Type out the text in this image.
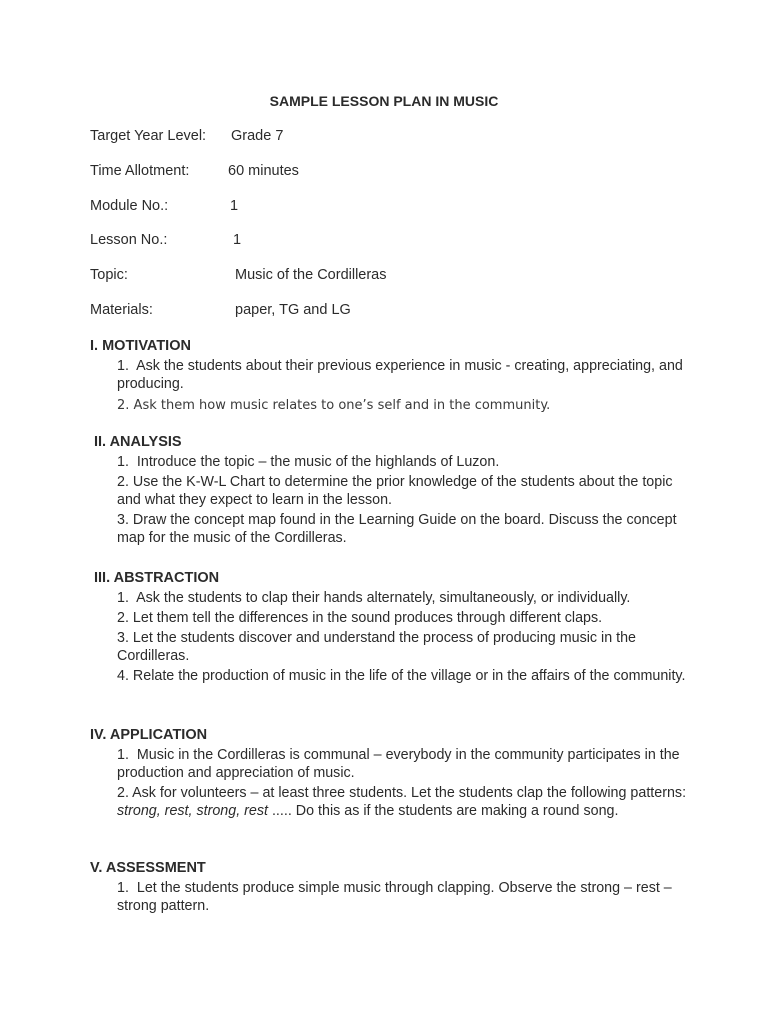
SAMPLE LESSON PLAN IN MUSIC
Target Year Level: Grade 7
Time Allotment:	60 minutes
Module No.:	1
Lesson No.:	1
Topic:	Music of the Cordilleras
Materials:	paper, TG and LG
I. MOTIVATION
1. Ask the students about their previous experience in music - creating, appreciating, and producing.
2. Ask them how music relates to one’s self and in the community.
II. ANALYSIS
1. Introduce the topic – the music of the highlands of Luzon.
2. Use the K-W-L Chart to determine the prior knowledge of the students about the topic and what they expect to learn in the lesson.
3. Draw the concept map found in the Learning Guide on the board. Discuss the concept map for the music of the Cordilleras.
III. ABSTRACTION
1. Ask the students to clap their hands alternately, simultaneously, or individually.
2. Let them tell the differences in the sound produces through different claps.
3. Let the students discover and understand the process of producing music in the Cordilleras.
4. Relate the production of music in the life of the village or in the affairs of the community.
IV. APPLICATION
1. Music in the Cordilleras is communal – everybody in the community participates in the production and appreciation of music.
2. Ask for volunteers – at least three students. Let the students clap the following patterns: strong, rest, strong, rest ..... Do this as if the students are making a round song.
V. ASSESSMENT
1. Let the students produce simple music through clapping. Observe the strong – rest – strong pattern.
